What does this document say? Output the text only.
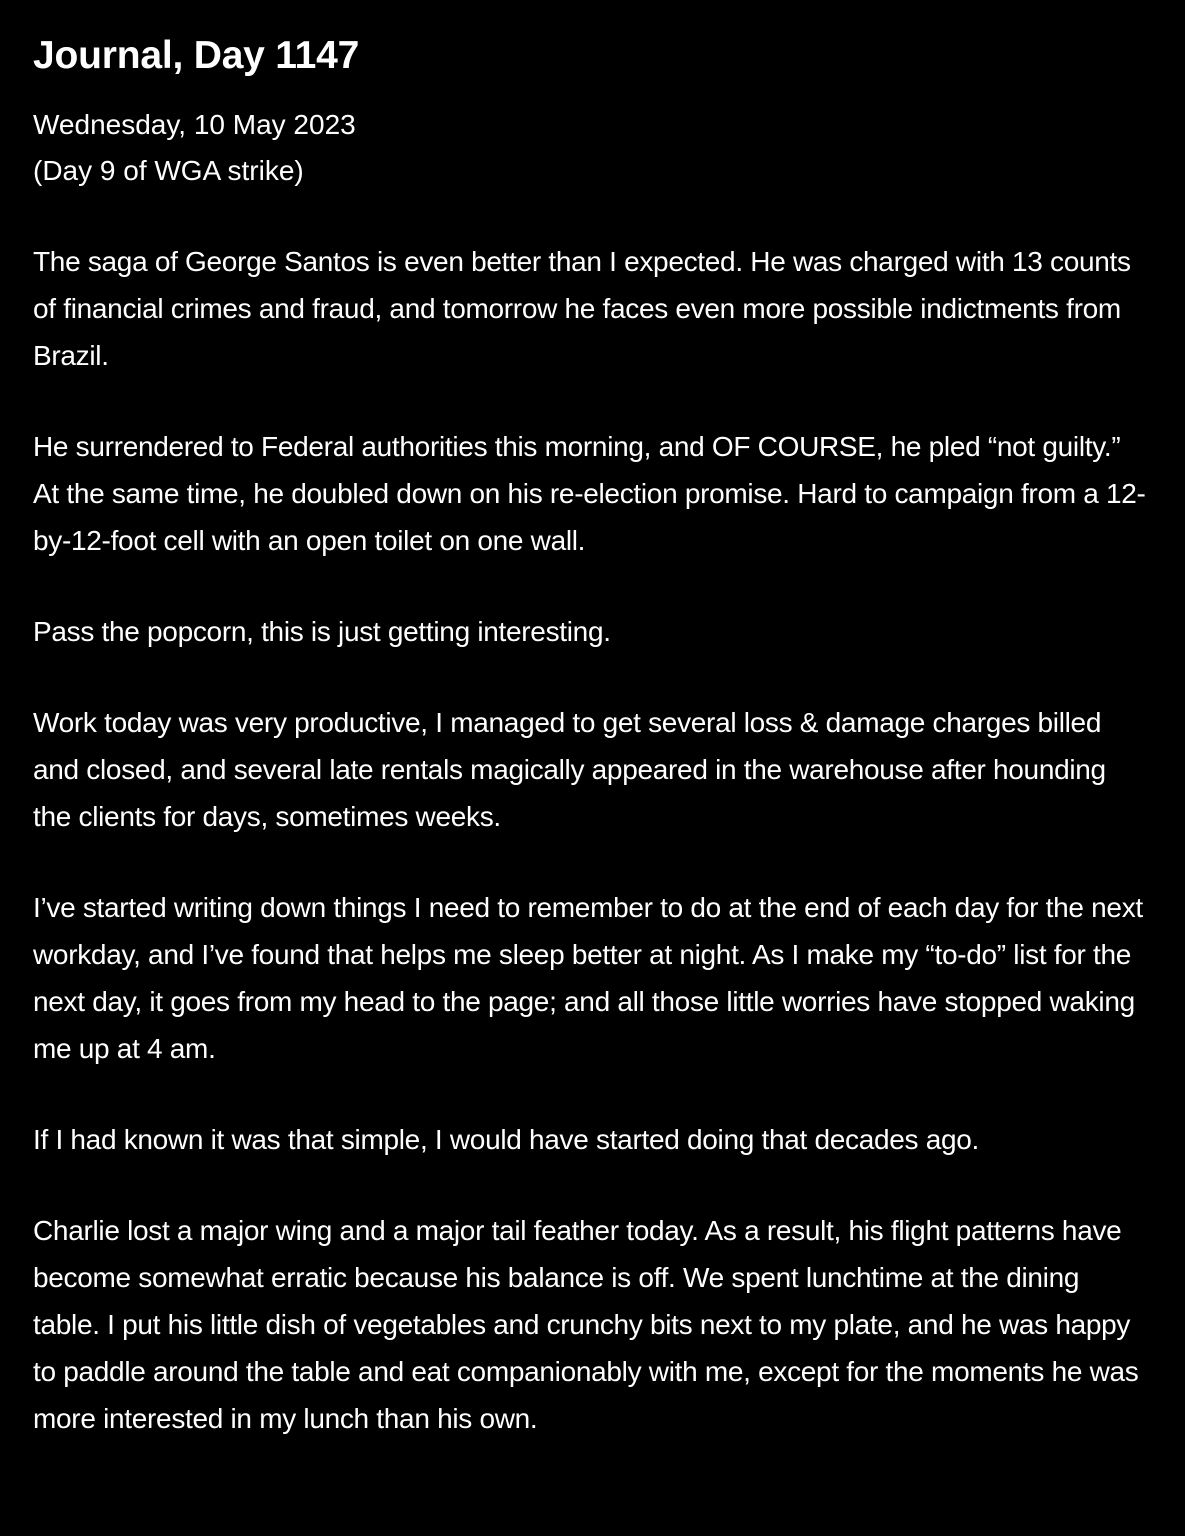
Journal, Day 1147
Wednesday, 10 May 2023
(Day 9 of WGA strike)

The saga of George Santos is even better than I expected. He was charged with 13 counts of financial crimes and fraud, and tomorrow he faces even more possible indictments from Brazil.

He surrendered to Federal authorities this morning, and OF COURSE, he pled “not guilty.” At the same time, he doubled down on his re-election promise. Hard to campaign from a 12-by-12-foot cell with an open toilet on one wall.

Pass the popcorn, this is just getting interesting.

Work today was very productive, I managed to get several loss & damage charges billed and closed, and several late rentals magically appeared in the warehouse after hounding the clients for days, sometimes weeks.

I’ve started writing down things I need to remember to do at the end of each day for the next workday, and I’ve found that helps me sleep better at night. As I make my “to-do” list for the next day, it goes from my head to the page; and all those little worries have stopped waking me up at 4 am.

If I had known it was that simple, I would have started doing that decades ago.

Charlie lost a major wing and a major tail feather today. As a result, his flight patterns have become somewhat erratic because his balance is off. We spent lunchtime at the dining table. I put his little dish of vegetables and crunchy bits next to my plate, and he was happy to paddle around the table and eat companionably with me, except for the moments he was more interested in my lunch than his own.
